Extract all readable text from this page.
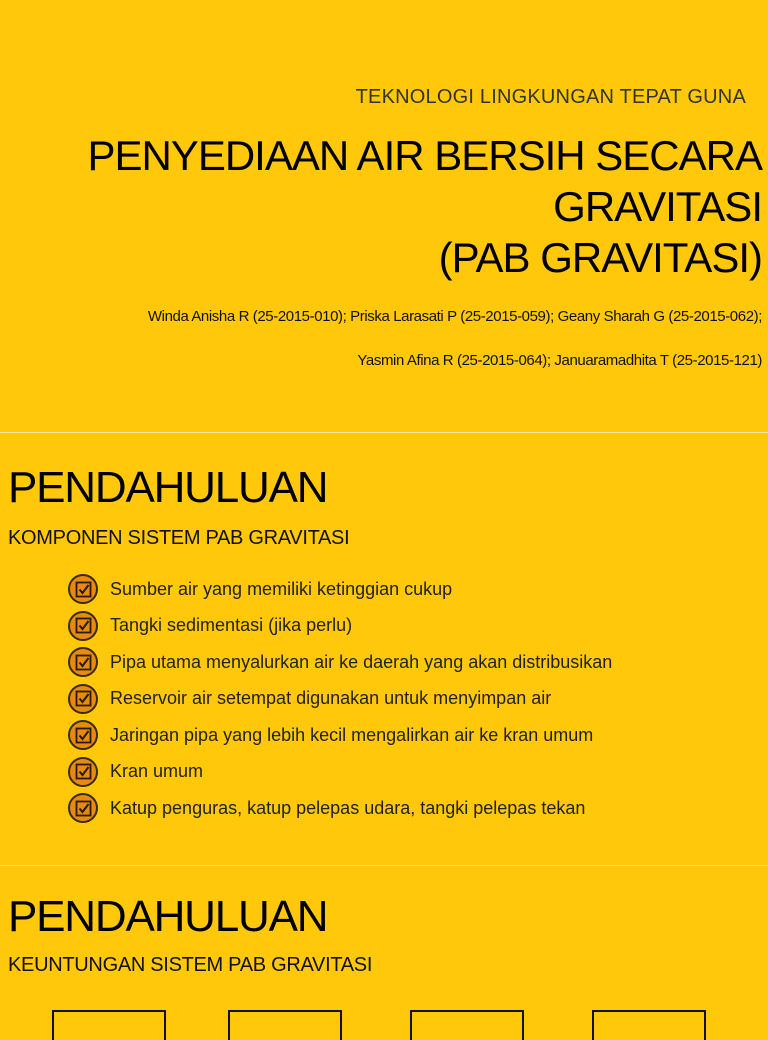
TEKNOLOGI LINGKUNGAN TEPAT GUNA
PENYEDIAAN AIR BERSIH SECARA
GRAVITASI
(PAB GRAVITASI)
Winda Anisha R (25-2015-010); Priska Larasati P (25-2015-059); Geany Sharah G (25-2015-062);
Yasmin Afina R (25-2015-064); Januaramadhita T (25-2015-121)
PENDAHULUAN
KOMPONEN SISTEM PAB GRAVITASI
Sumber air yang memiliki ketinggian cukup
Tangki sedimentasi (jika perlu)
Pipa utama menyalurkan air ke daerah yang akan distribusikan
Reservoir air setempat digunakan untuk menyimpan air
Jaringan pipa yang lebih kecil mengalirkan air ke kran umum
Kran umum
Katup penguras, katup pelepas udara, tangki pelepas tekan
PENDAHULUAN
KEUNTUNGAN SISTEM PAB GRAVITASI
